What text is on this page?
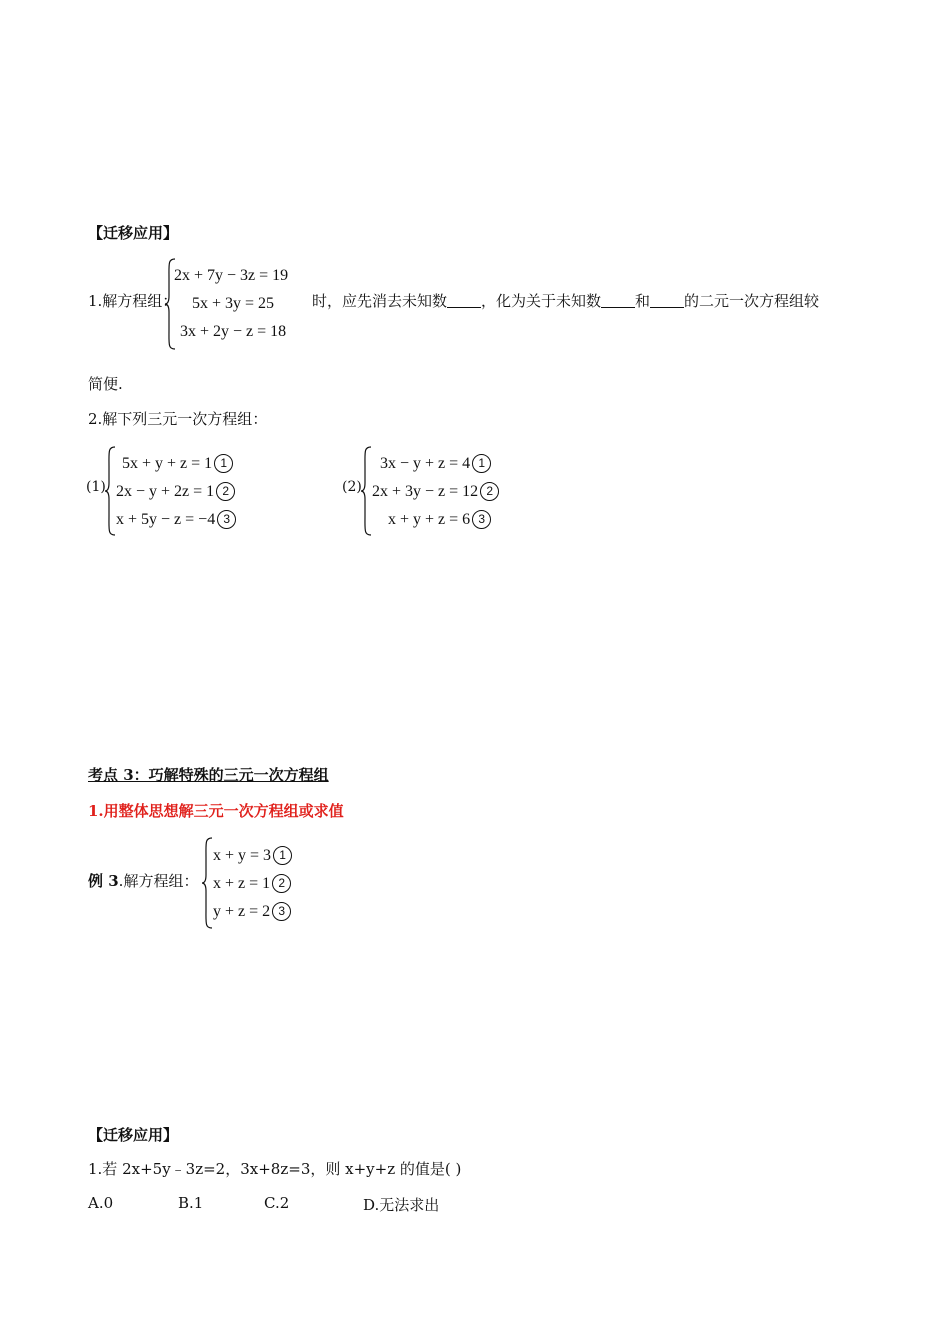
【迁移应用】
1.解方程组：
2x + 7y − 3z = 19
5x + 3y = 25
3x + 2y − z = 18
时，应先消去未知数 ，化为关于未知数 和 的二元一次方程组较
简便.
2.解下列三元一次方程组：
(1)
5x + y + z = 1 1
2x − y + 2z = 1 2
x + 5y − z = −4 3
(2)
3x − y + z = 4 1
2x + 3y − z = 12 2
x + y + z = 6 3
考点 3：巧解特殊的三元一次方程组
1.用整体思想解三元一次方程组或求值
例 3.解方程组：
x + y = 3 1
x + z = 1 2
y + z = 2 3
【迁移应用】
1.若 2x+5y﹣3z=2，3x+8z=3，则 x+y+z 的值是( )
A.0	B.1	C.2	D.无法求出
